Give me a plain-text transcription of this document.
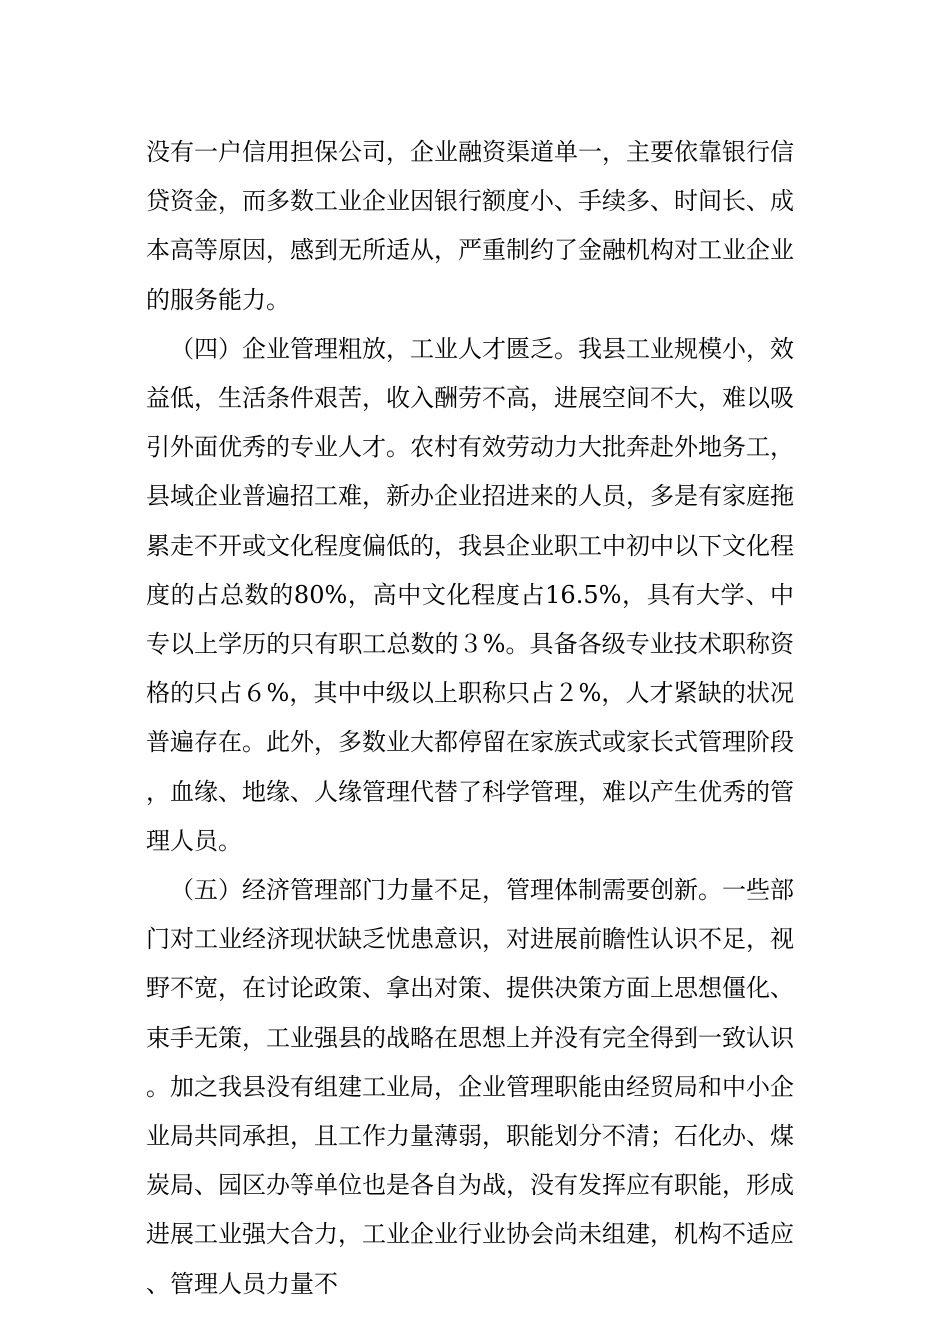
没有一户信用担保公司，企业融资渠道单一，主要依靠银行信贷资金，而多数工业企业因银行额度小、手续多、时间长、成本高等原因，感到无所适从，严重制约了金融机构对工业企业的服务能力。

（四）企业管理粗放，工业人才匮乏。我县工业规模小，效益低，生活条件艰苦，收入酬劳不高，进展空间不大，难以吸引外面优秀的专业人才。农村有效劳动力大批奔赴外地务工，县域企业普遍招工难，新办企业招进来的人员，多是有家庭拖累走不开或文化程度偏低的，我县企业职工中初中以下文化程度的占总数的80%，高中文化程度占16.5%，具有大学、中专以上学历的只有职工总数的３%。具备各级专业技术职称资格的只占６%，其中中级以上职称只占２%，人才紧缺的状况普遍存在。此外，多数业大都停留在家族式或家长式管理阶段，血缘、地缘、人缘管理代替了科学管理，难以产生优秀的管理人员。

（五）经济管理部门力量不足，管理体制需要创新。一些部门对工业经济现状缺乏忧患意识，对进展前瞻性认识不足，视野不宽，在讨论政策、拿出对策、提供决策方面上思想僵化、束手无策，工业强县的战略在思想上并没有完全得到一致认识。加之我县没有组建工业局，企业管理职能由经贸局和中小企业局共同承担，且工作力量薄弱，职能划分不清；石化办、煤炭局、园区办等单位也是各自为战，没有发挥应有职能，形成进展工业强大合力，工业企业行业协会尚未组建，机构不适应、管理人员力量不
